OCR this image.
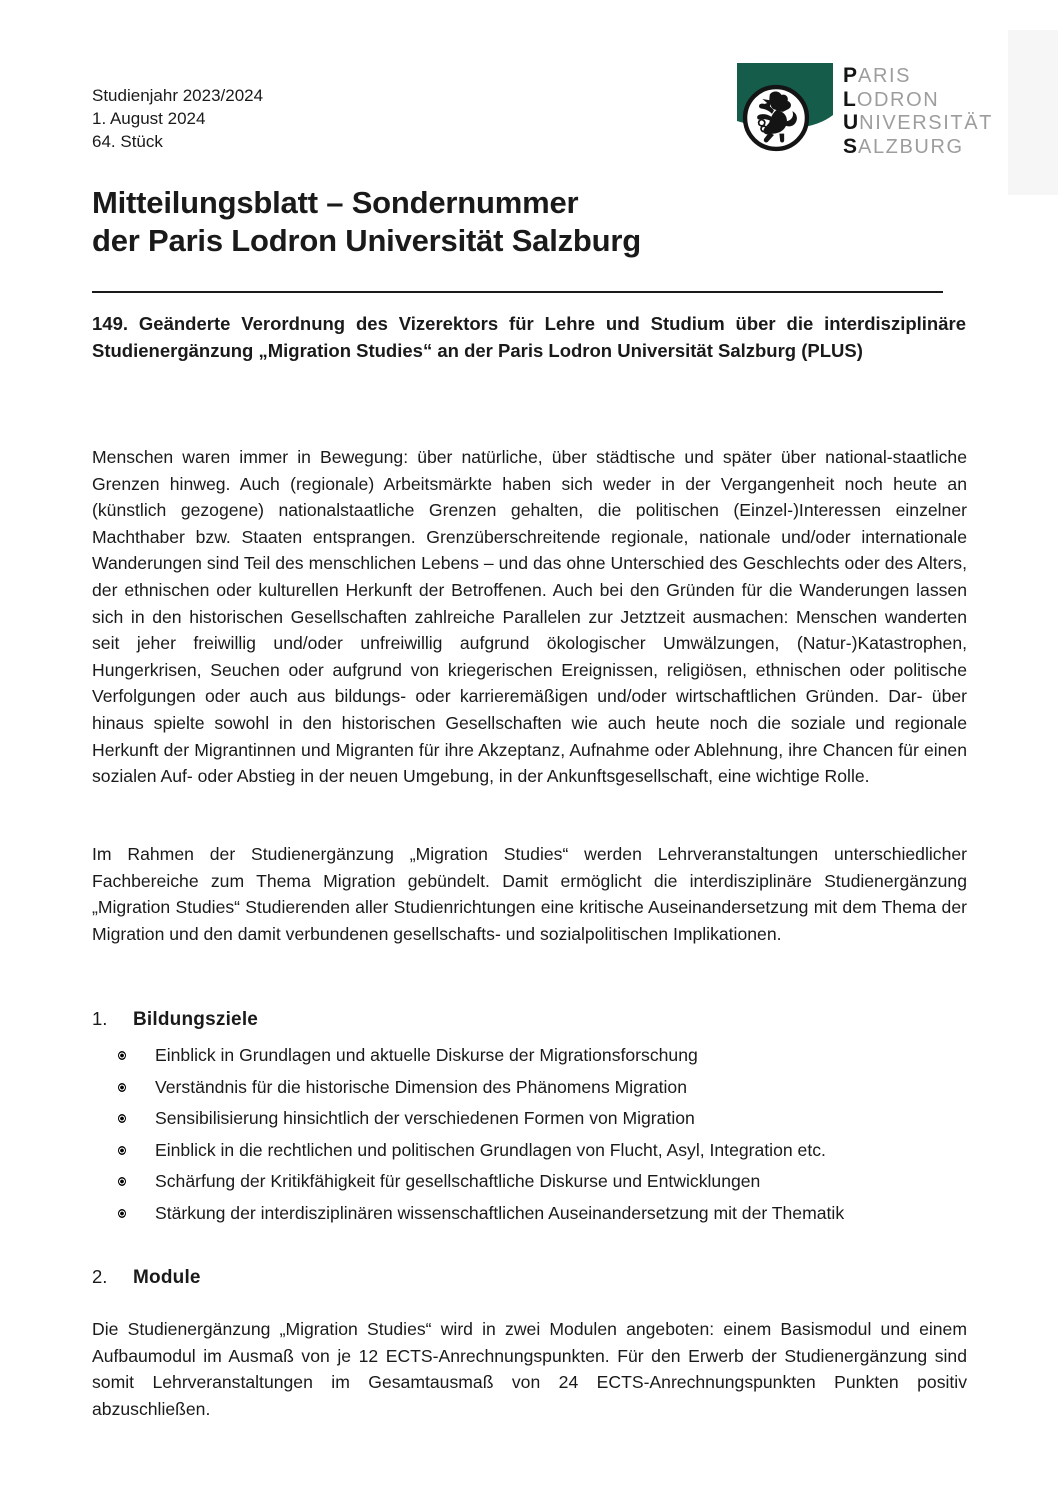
Studienjahr 2023/2024
1. August 2024
64. Stück
PARIS
LODRON
UNIVERSITÄT
SALZBURG
Mitteilungsblatt – Sondernummer
der Paris Lodron Universität Salzburg

149. Geänderte Verordnung des Vizerektors für Lehre und Studium über die interdisziplinäre Studienergänzung „Migration Studies“ an der Paris Lodron Universität Salzburg (PLUS)

Menschen waren immer in Bewegung: über natürliche, über städtische und später über national-staatliche Grenzen hinweg. Auch (regionale) Arbeitsmärkte haben sich weder in der Vergangenheit noch heute an (künstlich gezogene) nationalstaatliche Grenzen gehalten, die politischen (Einzel-)Interessen einzelner Machthaber bzw. Staaten entsprangen. Grenzüberschreitende regionale, nationale und/oder internationale Wanderungen sind Teil des menschlichen Lebens – und das ohne Unterschied des Geschlechts oder des Alters, der ethnischen oder kulturellen Herkunft der Betroffenen. Auch bei den Gründen für die Wanderungen lassen sich in den historischen Gesellschaften zahlreiche Parallelen zur Jetztzeit ausmachen: Menschen wanderten seit jeher freiwillig und/oder unfreiwillig aufgrund ökologischer Umwälzungen, (Natur-)Katastrophen, Hungerkrisen, Seuchen oder aufgrund von kriegerischen Ereignissen, religiösen, ethnischen oder politische Verfolgungen oder auch aus bildungs- oder karrieremäßigen und/oder wirtschaftlichen Gründen. Dar- über hinaus spielte sowohl in den historischen Gesellschaften wie auch heute noch die soziale und regionale Herkunft der Migrantinnen und Migranten für ihre Akzeptanz, Aufnahme oder Ablehnung, ihre Chancen für einen sozialen Auf- oder Abstieg in der neuen Umgebung, in der Ankunftsgesellschaft, eine wichtige Rolle.

Im Rahmen der Studienergänzung „Migration Studies“ werden Lehrveranstaltungen unterschiedlicher Fachbereiche zum Thema Migration gebündelt. Damit ermöglicht die interdisziplinäre Studienergänzung „Migration Studies“ Studierenden aller Studienrichtungen eine kritische Auseinandersetzung mit dem Thema der Migration und den damit verbundenen gesellschafts- und sozialpolitischen Implikationen.

1.	Bildungsziele
Einblick in Grundlagen und aktuelle Diskurse der Migrationsforschung
Verständnis für die historische Dimension des Phänomens Migration
Sensibilisierung hinsichtlich der verschiedenen Formen von Migration
Einblick in die rechtlichen und politischen Grundlagen von Flucht, Asyl, Integration etc.
Schärfung der Kritikfähigkeit für gesellschaftliche Diskurse und Entwicklungen
Stärkung der interdisziplinären wissenschaftlichen Auseinandersetzung mit der Thematik
2.	Module

Die Studienergänzung „Migration Studies“ wird in zwei Modulen angeboten: einem Basismodul und einem Aufbaumodul im Ausmaß von je 12 ECTS-Anrechnungspunkten. Für den Erwerb der Studienergänzung sind somit Lehrveranstaltungen im Gesamtausmaß von 24 ECTS-Anrechnungspunkten Punkten positiv abzuschließen.
